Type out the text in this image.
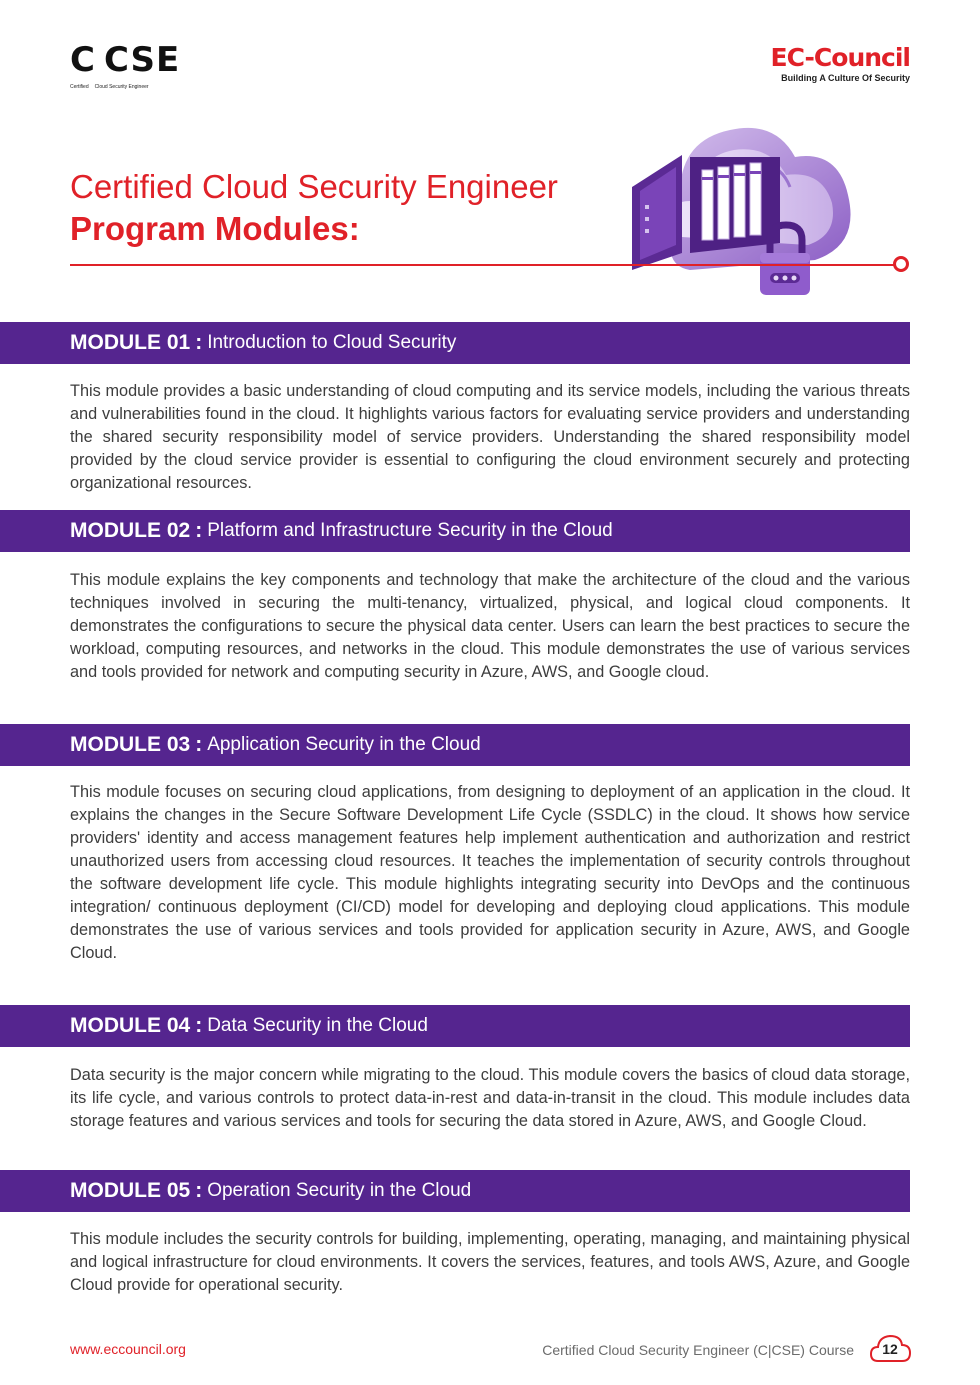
C CSE
Certified Cloud Security Engineer
EC-Council
Building A Culture Of Security
Certified Cloud Security Engineer
Program Modules:
MODULE 01 : Introduction to Cloud Security

This module provides a basic understanding of cloud computing and its service models, including the various threats and vulnerabilities found in the cloud. It highlights various factors for evaluating service providers and understanding the shared security responsibility model of service providers. Understanding the shared responsibility model provided by the cloud service provider is essential to configuring the cloud environment securely and protecting organizational resources.

MODULE 02 : Platform and Infrastructure Security in the Cloud

This module explains the key components and technology that make the architecture of the cloud and the various techniques involved in securing the multi-tenancy, virtualized, physical, and logical cloud components. It demonstrates the configurations to secure the physical data center. Users can learn the best practices to secure the workload, computing resources, and networks in the cloud. This module demonstrates the use of various services and tools provided for network and computing security in Azure, AWS, and Google cloud.

MODULE 03 : Application Security in the Cloud

This module focuses on securing cloud applications, from designing to deployment of an application in the cloud. It explains the changes in the Secure Software Development Life Cycle (SSDLC) in the cloud. It shows how service providers' identity and access management features help implement authentication and authorization and restrict unauthorized users from accessing cloud resources. It teaches the implementation of security controls throughout the software development life cycle. This module highlights integrating security into DevOps and the continuous integration/ continuous deployment (CI/CD) model for developing and deploying cloud applications. This module demonstrates the use of various services and tools provided for application security in Azure, AWS, and Google Cloud.

MODULE 04 : Data Security in the Cloud

Data security is the major concern while migrating to the cloud. This module covers the basics of cloud data storage, its life cycle, and various controls to protect data-in-rest and data-in-transit in the cloud. This module includes data storage features and various services and tools for securing the data stored in Azure, AWS, and Google Cloud.

MODULE 05 : Operation Security in the Cloud

This module includes the security controls for building, implementing, operating, managing, and maintaining physical and logical infrastructure for cloud environments. It covers the services, features, and tools AWS, Azure, and Google Cloud provide for operational security.

www.eccouncil.org	Certified Cloud Security Engineer (C|CSE) Course	12
